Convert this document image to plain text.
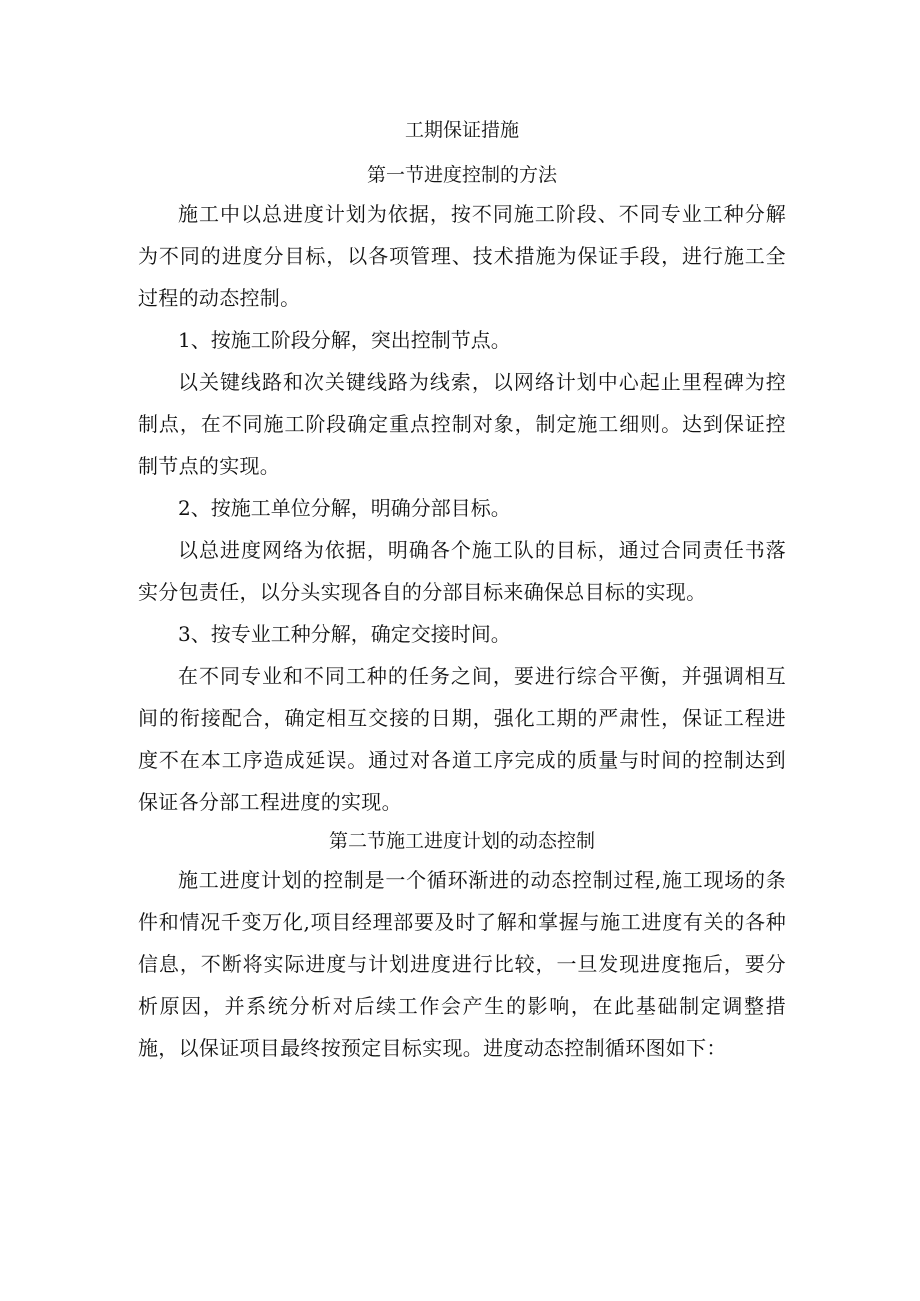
工期保证措施
第一节进度控制的方法

施工中以总进度计划为依据，按不同施工阶段、不同专业工种分解为不同的进度分目标，以各项管理、技术措施为保证手段，进行施工全过程的动态控制。

1、按施工阶段分解，突出控制节点。

以关键线路和次关键线路为线索，以网络计划中心起止里程碑为控制点，在不同施工阶段确定重点控制对象，制定施工细则。达到保证控制节点的实现。

2、按施工单位分解，明确分部目标。

以总进度网络为依据，明确各个施工队的目标，通过合同责任书落实分包责任，以分头实现各自的分部目标来确保总目标的实现。

3、按专业工种分解，确定交接时间。

在不同专业和不同工种的任务之间，要进行综合平衡，并强调相互间的衔接配合，确定相互交接的日期，强化工期的严肃性，保证工程进度不在本工序造成延误。通过对各道工序完成的质量与时间的控制达到保证各分部工程进度的实现。

第二节施工进度计划的动态控制

施工进度计划的控制是一个循环渐进的动态控制过程,施工现场的条件和情况千变万化,项目经理部要及时了解和掌握与施工进度有关的各种信息，不断将实际进度与计划进度进行比较，一旦发现进度拖后，要分析原因，并系统分析对后续工作会产生的影响，在此基础制定调整措施，以保证项目最终按预定目标实现。进度动态控制循环图如下：
